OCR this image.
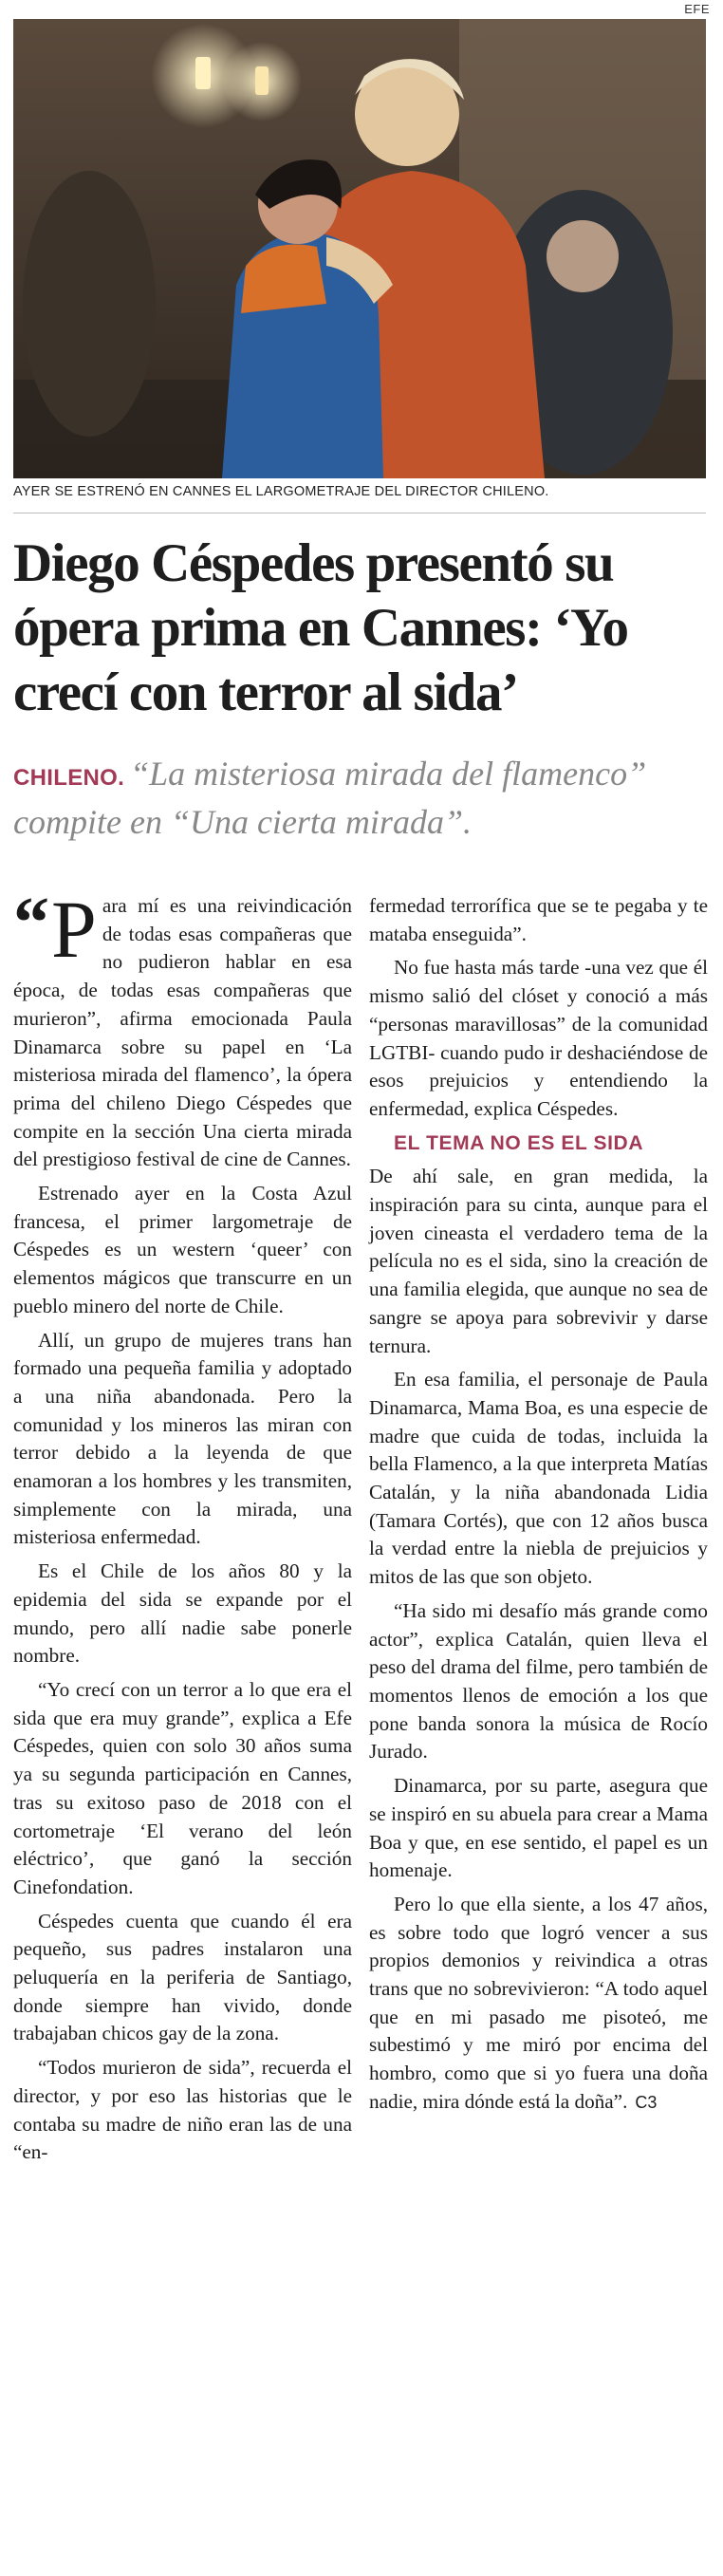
EFE
AYER SE ESTRENÓ EN CANNES EL LARGOMETRAJE DEL DIRECTOR CHILENO.
Diego Céspedes presentó su ópera prima en Cannes: ‘Yo crecí con terror al sida’
CHILENO. “La misteriosa mirada del flamenco” compite en “Una cierta mirada”.

“ P ara mí es una reivindicación de todas esas compañeras que no pudieron hablar en esa época, de todas esas compañeras que murieron”, afirma emocionada Paula Dinamarca sobre su papel en ‘La misteriosa mirada del flamenco’, la ópera prima del chileno Diego Céspedes que compite en la sección Una cierta mirada del prestigioso festival de cine de Cannes.

Estrenado ayer en la Costa Azul francesa, el primer largometraje de Céspedes es un western ‘queer’ con elementos mágicos que transcurre en un pueblo minero del norte de Chile.

Allí, un grupo de mujeres trans han formado una pequeña familia y adoptado a una niña abandonada. Pero la comunidad y los mineros las miran con terror debido a la leyenda de que enamoran a los hombres y les transmiten, simplemente con la mirada, una misteriosa enfermedad.

Es el Chile de los años 80 y la epidemia del sida se expande por el mundo, pero allí nadie sabe ponerle nombre.

“Yo crecí con un terror a lo que era el sida que era muy grande”, explica a Efe Céspedes, quien con solo 30 años suma ya su segunda participación en Cannes, tras su exitoso paso de 2018 con el cortometraje ‘El verano del león eléctrico’, que ganó la sección Cinefondation.

Céspedes cuenta que cuando él era pequeño, sus padres instalaron una peluquería en la periferia de Santiago, donde siempre han vivido, donde trabajaban chicos gay de la zona.

“Todos murieron de sida”, recuerda el director, y por eso las historias que le contaba su madre de niño eran las de una “en-

fermedad terrorífica que se te pegaba y te mataba enseguida”.

No fue hasta más tarde -una vez que él mismo salió del clóset y conoció a más “personas maravillosas” de la comunidad LGTBI- cuando pudo ir deshaciéndose de esos prejuicios y entendiendo la enfermedad, explica Céspedes.

EL TEMA NO ES EL SIDA

De ahí sale, en gran medida, la inspiración para su cinta, aunque para el joven cineasta el verdadero tema de la película no es el sida, sino la creación de una familia elegida, que aunque no sea de sangre se apoya para sobrevivir y darse ternura.

En esa familia, el personaje de Paula Dinamarca, Mama Boa, es una especie de madre que cuida de todas, incluida la bella Flamenco, a la que interpreta Matías Catalán, y la niña abandonada Lidia (Tamara Cortés), que con 12 años busca la verdad entre la niebla de prejuicios y mitos de las que son objeto.

“Ha sido mi desafío más grande como actor”, explica Catalán, quien lleva el peso del drama del filme, pero también de momentos llenos de emoción a los que pone banda sonora la música de Rocío Jurado.

Dinamarca, por su parte, asegura que se inspiró en su abuela para crear a Mama Boa y que, en ese sentido, el papel es un homenaje.

Pero lo que ella siente, a los 47 años, es sobre todo que logró vencer a sus propios demonios y reivindica a otras trans que no sobrevivieron: “A todo aquel que en mi pasado me pisoteó, me subestimó y me miró por encima del hombro, como que si yo fuera una doña nadie, mira dónde está la doña”. C3
